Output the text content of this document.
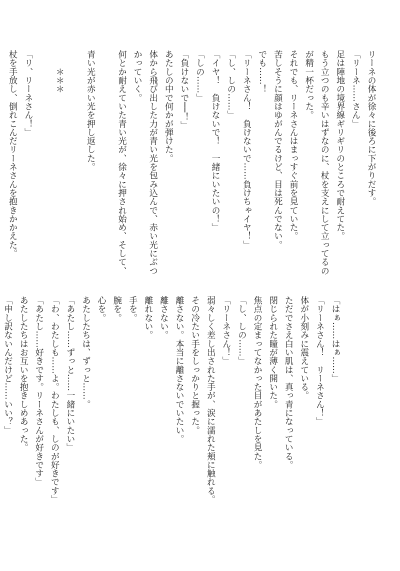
リーネの体が徐々に後ろに下がりだす。
「リーネ……さん」
足は陣地の境界線ギリギリのところで耐えてた。
もう立つのも辛いはずなのに、杖を支えにして立ってるの
が精一杯だった。
それでも、リーネさんはまっすぐ前を見ていた。
苦しそうに顔はゆがんでるけど、目は死んでない。
でも……！
「リーネさん！　負けないで……負けちゃイヤ！」
「し、しの……」
「イヤ！　負けないで！　一緒にいたいの！」
「しの……」
「負けないで──！」
あたしの中で何かが弾けた。
体から飛び出した力が青い光を包み込んで、赤い光にぶつ
かっていく。
何とか耐えていた青い光が、徐々に押され始め、そして、

青い光が赤い光を押し返した。

　　＊＊＊

「リ、リーネさん！」
杖を手放し、倒れこんだリーネさんを抱きかかえた。
「はぁ……はぁ……」
「リーネさん！　リーネさん！」
体が小刻みに震えている。
ただでさえ白い肌は、真っ青になっている。
閉じられた瞳が薄く開いた。
焦点の定まってなかった目があたしを見た。
「し、しの……」
「リーネさん！」
弱々しく差し出された手が、涙に濡れた頬に触れる。
その冷たい手をしっかりと握った。
離さない。本当に離さないでいたい。
離さない。
離れない。
手を。
腕を。
心を。
あたしたちは、ずっと……。
「あたし……ずっと……一緒にいたい」
「わ、わたしも……よ。わたしも、しのが好きです」
「あたし……好きです。リーネさんが好きです」
あたしたちはお互いを抱きしめあった。
「申し訳ないんだけど……いい？」
